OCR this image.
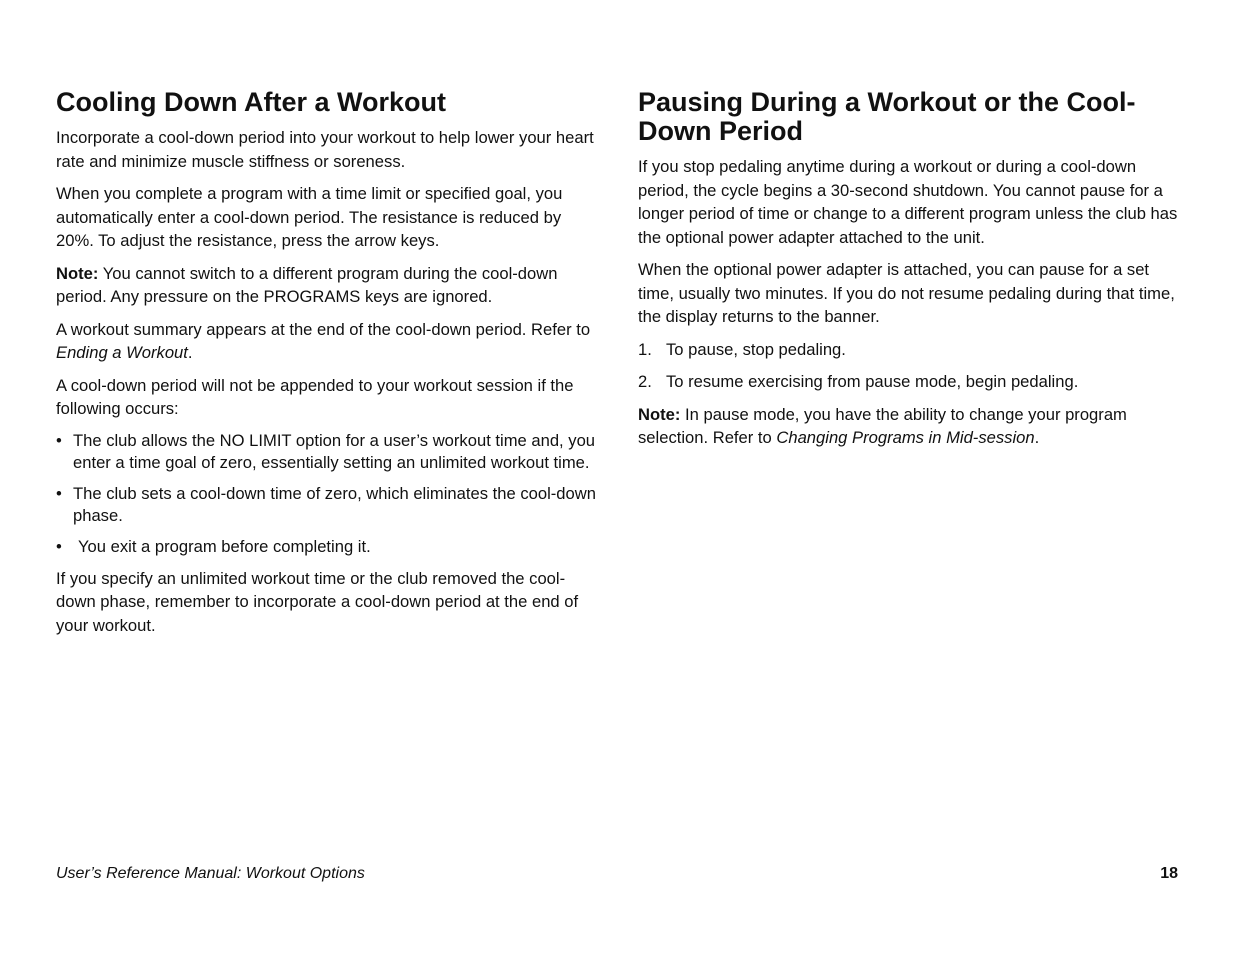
Cooling Down After a Workout

Incorporate a cool-down period into your workout to help lower your heart rate and minimize muscle stiffness or soreness.

When you complete a program with a time limit or specified goal, you automatically enter a cool-down period. The resistance is reduced by 20%. To adjust the resistance, press the arrow keys.

Note: You cannot switch to a different program during the cool-down period. Any pressure on the PROGRAMS keys are ignored.

A workout summary appears at the end of the cool-down period. Refer to Ending a Workout.

A cool-down period will not be appended to your workout session if the following occurs:

• The club allows the NO LIMIT option for a user’s workout time and, you enter a time goal of zero, essentially setting an unlimited workout time.
• The club sets a cool-down time of zero, which eliminates the cool-down phase.
• You exit a program before completing it.

If you specify an unlimited workout time or the club removed the cool-down phase, remember to incorporate a cool-down period at the end of your workout.

Pausing During a Workout or the Cool-Down Period

If you stop pedaling anytime during a workout or during a cool-down period, the cycle begins a 30-second shutdown. You cannot pause for a longer period of time or change to a different program unless the club has the optional power adapter attached to the unit.

When the optional power adapter is attached, you can pause for a set time, usually two minutes. If you do not resume pedaling during that time, the display returns to the banner.

1. To pause, stop pedaling.
2. To resume exercising from pause mode, begin pedaling.

Note: In pause mode, you have the ability to change your program selection. Refer to Changing Programs in Mid-session.

User’s Reference Manual: Workout Options	18
